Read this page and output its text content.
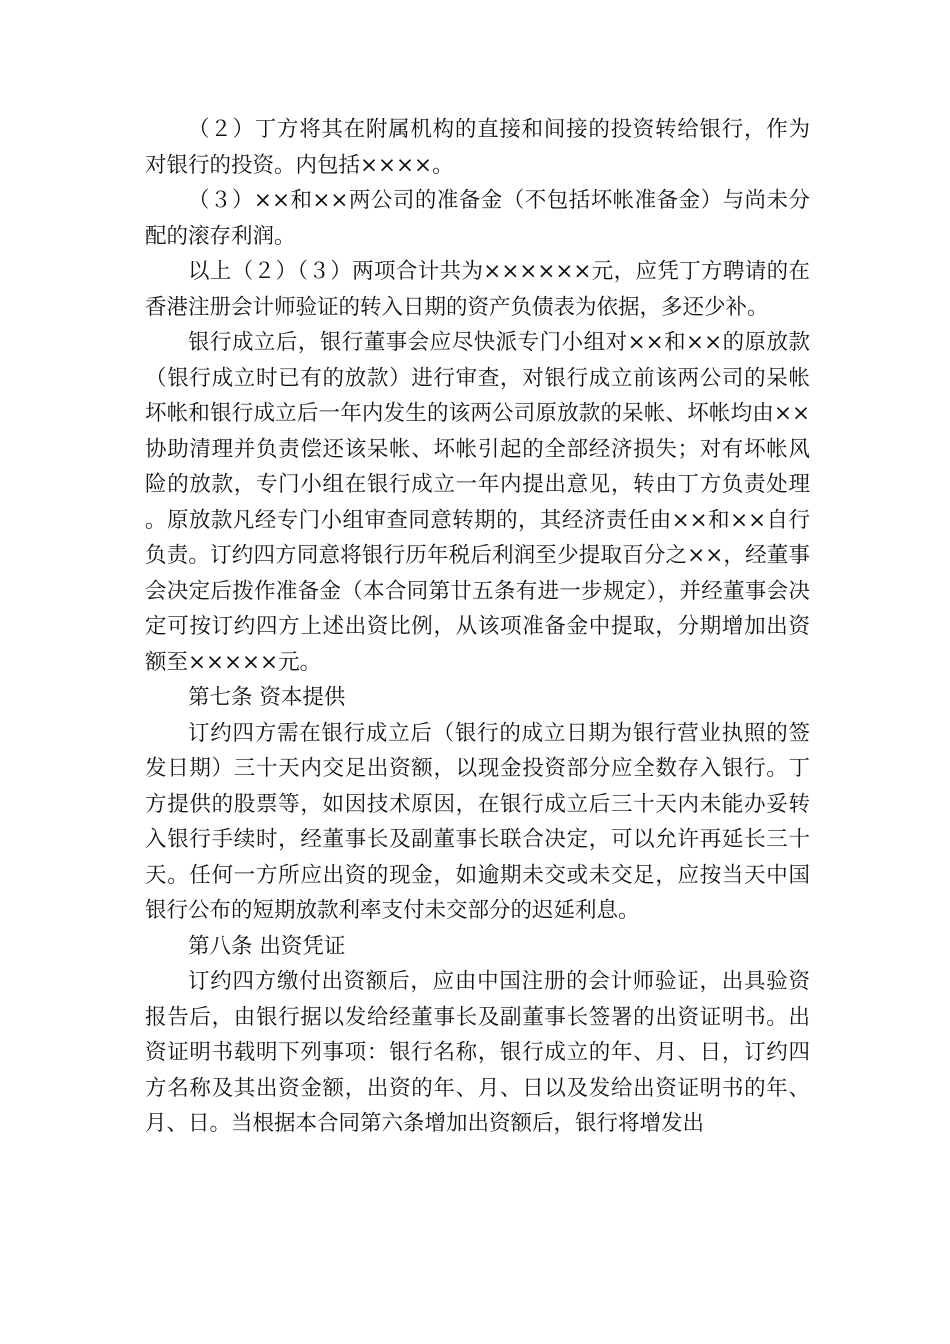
（２）丁方将其在附属机构的直接和间接的投资转给银行，作为对银行的投资。内包括××××。

（３）××和××两公司的准备金（不包括坏帐准备金）与尚未分配的滚存利润。

以上（２）（３）两项合计共为××××××元，应凭丁方聘请的在香港注册会计师验证的转入日期的资产负债表为依据，多还少补。

银行成立后，银行董事会应尽快派专门小组对××和××的原放款（银行成立时已有的放款）进行审查，对银行成立前该两公司的呆帐坏帐和银行成立后一年内发生的该两公司原放款的呆帐、坏帐均由××协助清理并负责偿还该呆帐、坏帐引起的全部经济损失；对有坏帐风险的放款，专门小组在银行成立一年内提出意见，转由丁方负责处理。原放款凡经专门小组审查同意转期的，其经济责任由××和××自行负责。订约四方同意将银行历年税后利润至少提取百分之××，经董事会决定后拨作准备金（本合同第廿五条有进一步规定），并经董事会决定可按订约四方上述出资比例，从该项准备金中提取，分期增加出资额至×××××元。

第七条 资本提供

订约四方需在银行成立后（银行的成立日期为银行营业执照的签发日期）三十天内交足出资额，以现金投资部分应全数存入银行。丁方提供的股票等，如因技术原因，在银行成立后三十天内未能办妥转入银行手续时，经董事长及副董事长联合决定，可以允许再延长三十天。任何一方所应出资的现金，如逾期未交或未交足，应按当天中国银行公布的短期放款利率支付未交部分的迟延利息。

第八条 出资凭证

订约四方缴付出资额后，应由中国注册的会计师验证，出具验资报告后，由银行据以发给经董事长及副董事长签署的出资证明书。出资证明书载明下列事项：银行名称，银行成立的年、月、日，订约四方名称及其出资金额，出资的年、月、日以及发给出资证明书的年、月、日。当根据本合同第六条增加出资额后，银行将增发出
